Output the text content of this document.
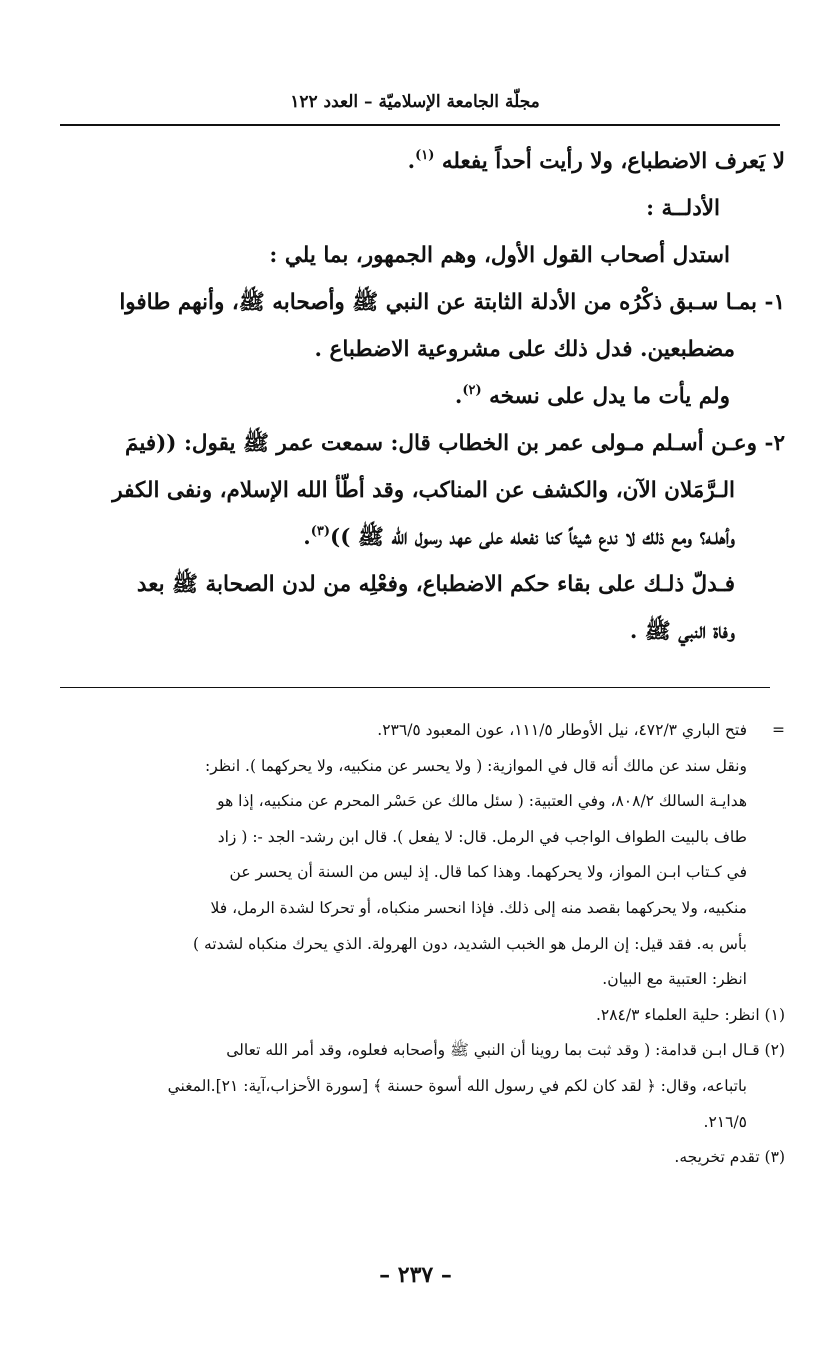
مجلّة الجامعة الإسلاميّة – العدد ١٢٢
لا يَعرف الاضطباع، ولا رأيت أحداً يفعله $^{(١)}$.
الأدلــة :
استدل أصحاب القول الأول، وهم الجمهور، بما يلي :
١- بمـا سـبق ذكْرُه من الأدلة الثابتة عن النبي ﷺ وأصحابه ﷺ، وأنهم طافوا
مضطبعين. فدل ذلك على مشروعية الاضطباع .
ولم يأت ما يدل على نسخه $^{(٢)}$.
٢- وعـن أسـلم مـولى عمر بن الخطاب قال: سمعت عمر ﷺ يقول: ((فيمَ
الـرَّمَلان الآن، والكشف عن المناكب، وقد أطّأ الله الإسلام، ونفى الكفر
وأهلـه؟ ومع ذلك لا ندع شيئاً كنا نفعله على عهد رسول الله ﷺ ))$^{(٣)}$.
فـدلّ ذلـك على بقاء حكم الاضطباع، وفعْلِه من لدن الصحابة ﷺ بعد
وفاة النبي ﷺ .
=فتح الباري ٤٧٢/٣، نيل الأوطار ١١١/٥، عون المعبود ٢٣٦/٥.
ونقل سند عن مالك أنه قال في الموازية: ( ولا يحسر عن منكبيه، ولا يحركهما ). انظر:
هدايـة السالك ٨٠٨/٢، وفي العتبية: ( سئل مالك عن حَسْر المحرم عن منكبيه، إذا هو
طاف بالبيت الطواف الواجب في الرمل. قال: لا يفعل ). قال ابن رشد- الجد -: ( زاد
في كـتاب ابـن المواز، ولا يحركهما. وهذا كما قال. إذ ليس من السنة أن يحسر عن
منكبيه، ولا يحركهما بقصد منه إلى ذلك. فإذا انحسر منكباه، أو تحركا لشدة الرمل، فلا
بأس به. فقد قيل: إن الرمل هو الخبب الشديد، دون الهرولة. الذي يحرك منكباه لشدته )
انظر: العتبية مع البيان.
(١) انظر: حلية العلماء ٢٨٤/٣.
(٢) قـال ابـن قدامة: ( وقد ثبت بما روينا أن النبي ﷺ وأصحابه فعلوه، وقد أمر الله تعالى
باتباعه، وقال: ﴿ لقد كان لكم في رسول الله أسوة حسنة ﴾ [سورة الأحزاب،آية: ٢١].المغني
٢١٦/٥.
(٣) تقدم تخريجه.
– ٢٣٧ –
